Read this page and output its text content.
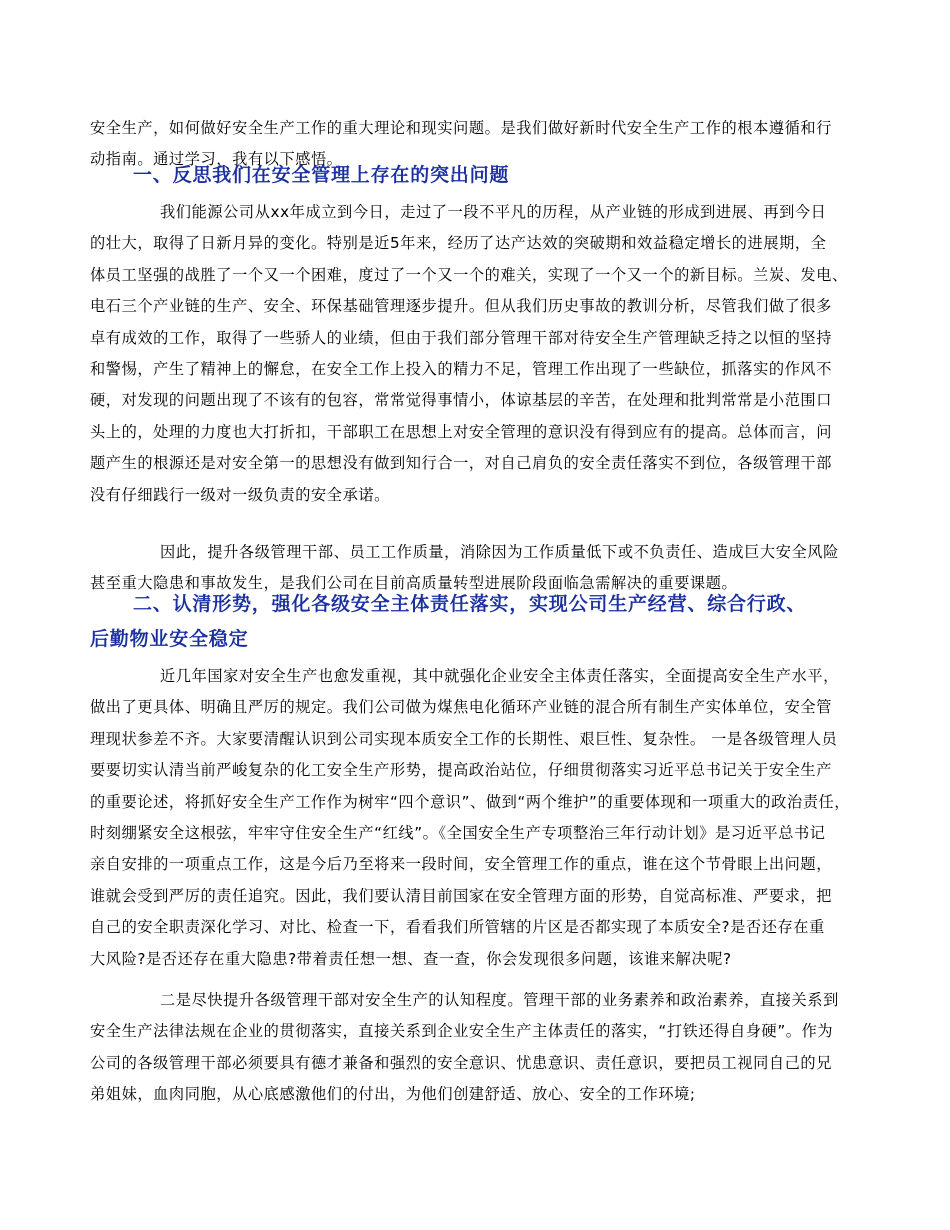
安全生产，如何做好安全生产工作的重大理论和现实问题。是我们做好新时代安全生产工作的根本遵循和行
动指南。通过学习，我有以下感悟。
一、反思我们在安全管理上存在的突出问题
我们能源公司从xx年成立到今日，走过了一段不平凡的历程，从产业链的形成到进展、再到今日
的壮大，取得了日新月异的变化。特别是近5年来，经历了达产达效的突破期和效益稳定增长的进展期，全
体员工坚强的战胜了一个又一个困难，度过了一个又一个的难关，实现了一个又一个的新目标。兰炭、发电、
电石三个产业链的生产、安全、环保基础管理逐步提升。但从我们历史事故的教训分析，尽管我们做了很多
卓有成效的工作，取得了一些骄人的业绩，但由于我们部分管理干部对待安全生产管理缺乏持之以恒的坚持
和警惕，产生了精神上的懈怠，在安全工作上投入的精力不足，管理工作出现了一些缺位，抓落实的作风不
硬，对发现的问题出现了不该有的包容，常常觉得事情小，体谅基层的辛苦，在处理和批判常常是小范围口
头上的，处理的力度也大打折扣，干部职工在思想上对安全管理的意识没有得到应有的提高。总体而言，问
题产生的根源还是对安全第一的思想没有做到知行合一，对自己肩负的安全责任落实不到位，各级管理干部
没有仔细践行一级对一级负责的安全承诺。
因此，提升各级管理干部、员工工作质量，消除因为工作质量低下或不负责任、造成巨大安全风险
甚至重大隐患和事故发生，是我们公司在目前高质量转型进展阶段面临急需解决的重要课题。
二、认清形势，强化各级安全主体责任落实，实现公司生产经营、综合行政、
后勤物业安全稳定
近几年国家对安全生产也愈发重视，其中就强化企业安全主体责任落实，全面提高安全生产水平，
做出了更具体、明确且严厉的规定。我们公司做为煤焦电化循环产业链的混合所有制生产实体单位，安全管
理现状参差不齐。大家要清醒认识到公司实现本质安全工作的长期性、艰巨性、复杂性。 一是各级管理人员
要要切实认清当前严峻复杂的化工安全生产形势，提高政治站位，仔细贯彻落实习近平总书记关于安全生产
的重要论述，将抓好安全生产工作作为树牢“四个意识”、做到“两个维护”的重要体现和一项重大的政治责任，
时刻绷紧安全这根弦，牢牢守住安全生产“红线”。《全国安全生产专项整治三年行动计划》是习近平总书记
亲自安排的一项重点工作，这是今后乃至将来一段时间，安全管理工作的重点，谁在这个节骨眼上出问题，
谁就会受到严厉的责任追究。因此，我们要认清目前国家在安全管理方面的形势，自觉高标准、严要求，把
自己的安全职责深化学习、对比、检查一下，看看我们所管辖的片区是否都实现了本质安全?是否还存在重
大风险?是否还存在重大隐患?带着责任想一想、查一查，你会发现很多问题，该谁来解决呢?
二是尽快提升各级管理干部对安全生产的认知程度。管理干部的业务素养和政治素养，直接关系到
安全生产法律法规在企业的贯彻落实，直接关系到企业安全生产主体责任的落实，“打铁还得自身硬”。作为
公司的各级管理干部必须要具有德才兼备和强烈的安全意识、忧患意识、责任意识，要把员工视同自己的兄
弟姐妹，血肉同胞，从心底感激他们的付出，为他们创建舒适、放心、安全的工作环境;
